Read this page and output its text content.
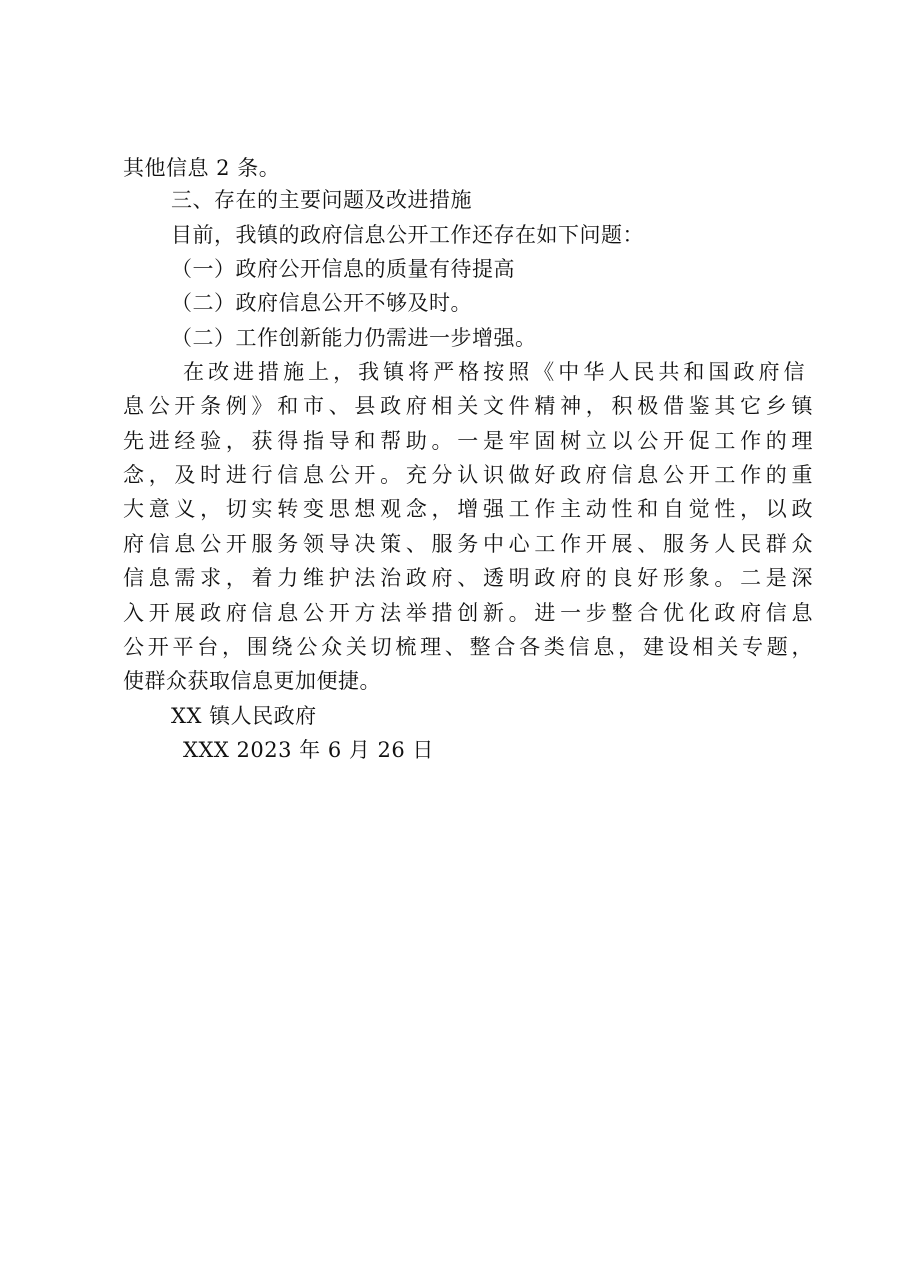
其他信息 2 条。
三、存在的主要问题及改进措施
目前，我镇的政府信息公开工作还存在如下问题：
（一）政府公开信息的质量有待提高
（二）政府信息公开不够及时。
（二）工作创新能力仍需进一步增强。
在改进措施上，我镇将严格按照《中华人民共和国政府信
息公开条例》和市、县政府相关文件精神，积极借鉴其它乡镇
先进经验，获得指导和帮助。一是牢固树立以公开促工作的理
念，及时进行信息公开。充分认识做好政府信息公开工作的重
大意义，切实转变思想观念，增强工作主动性和自觉性，以政
府信息公开服务领导决策、服务中心工作开展、服务人民群众
信息需求，着力维护法治政府、透明政府的良好形象。二是深
入开展政府信息公开方法举措创新。进一步整合优化政府信息
公开平台，围绕公众关切梳理、整合各类信息，建设相关专题，
使群众获取信息更加便捷。
XX 镇人民政府
XXX 2023 年 6 月 26 日
